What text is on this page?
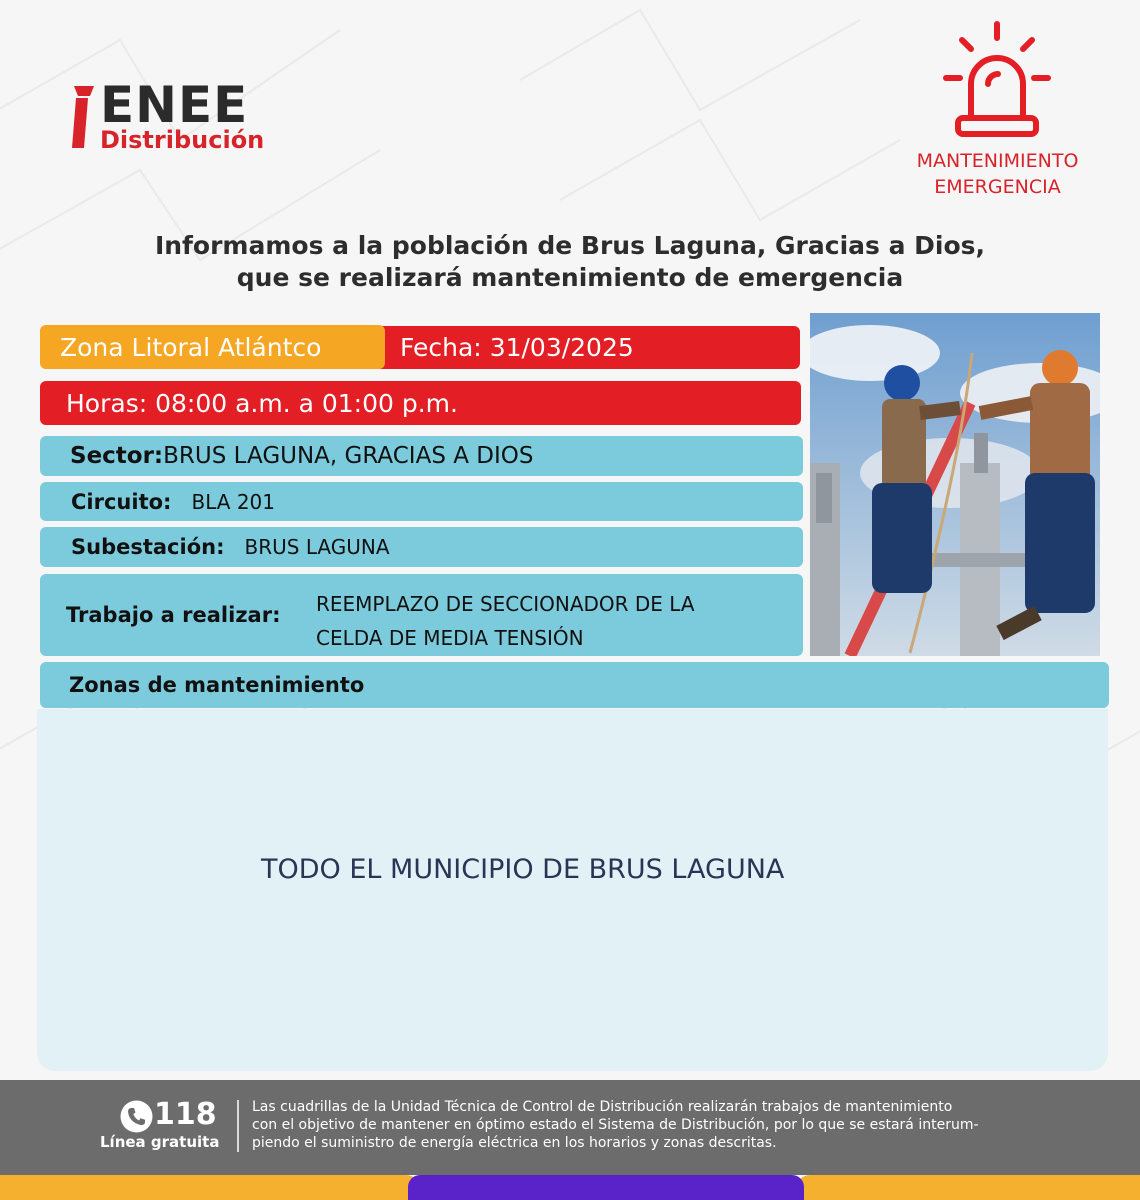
ENEE
Distribución
MANTENIMIENTO
EMERGENCIA
Informamos a la población de Brus Laguna, Gracias a Dios,
que se realizará mantenimiento de emergencia
Fecha:
31/03/2025
Zona Litoral Atlántco
Horas:
08:00 a.m. a 01:00 p.m.
Sector: BRUS LAGUNA, GRACIAS A DIOS
Circuito:
BLA 201
Subestación:
BRUS LAGUNA
Trabajo a realizar: REEMPLAZO DE SECCIONADOR DE LA
CELDA DE MEDIA TENSIÓN
Zonas de mantenimiento
TODO EL MUNICIPIO DE BRUS LAGUNA
118
Línea gratuita
Las cuadrillas de la Unidad Técnica de Control de Distribución realizarán trabajos de mantenimiento
con el objetivo de mantener en óptimo estado el Sistema de Distribución, por lo que se estará interum-
piendo el suministro de energía eléctrica en los horarios y zonas descritas.
